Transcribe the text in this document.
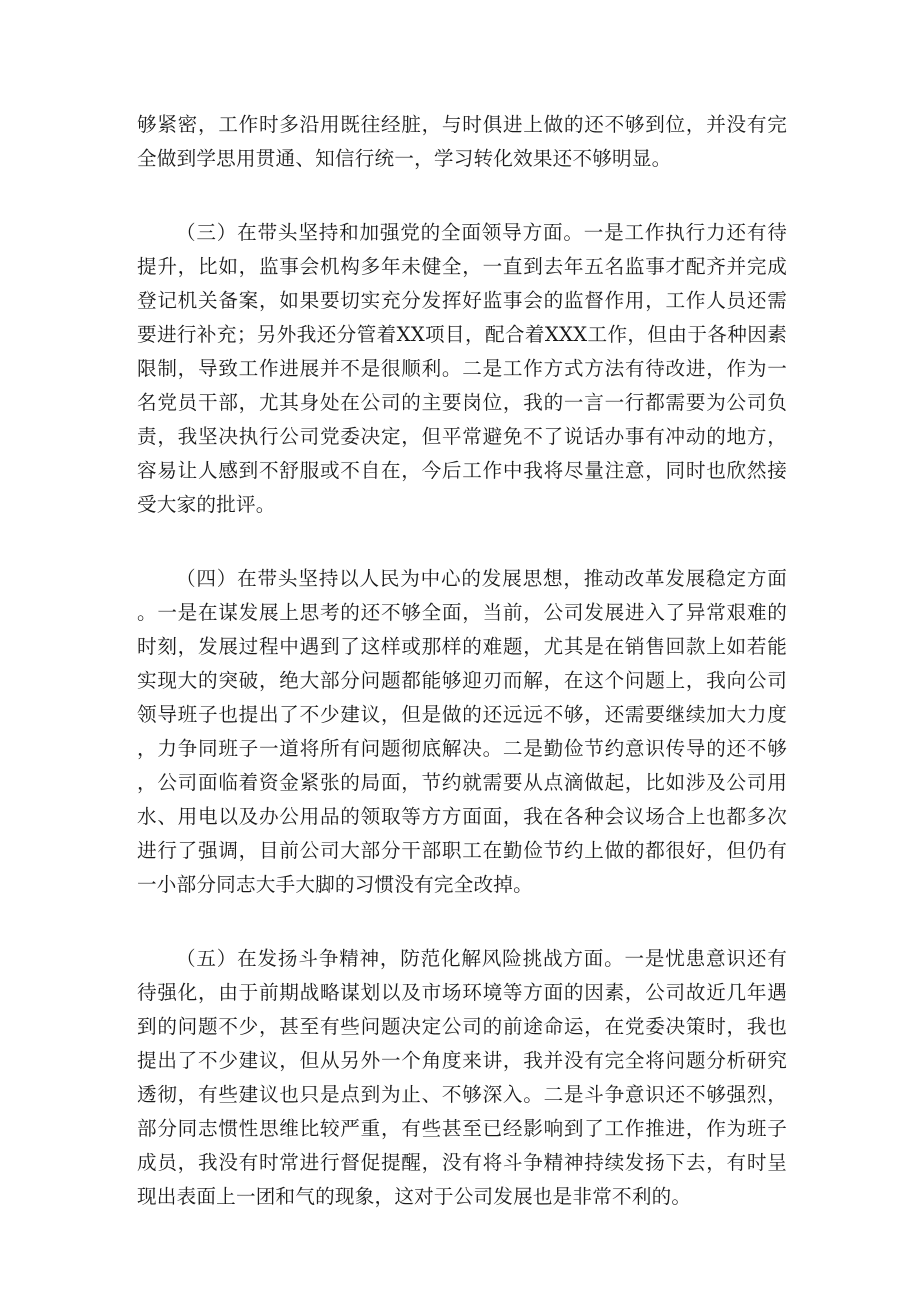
够紧密，工作时多沿用既往经脏，与时俱进上做的还不够到位，并没有完全做到学思用贯通、知信行统一，学习转化效果还不够明显。

（三）在带头坚持和加强党的全面领导方面。一是工作执行力还有待提升，比如，监事会机构多年未健全，一直到去年五名监事才配齐并完成登记机关备案，如果要切实充分发挥好监事会的监督作用，工作人员还需要进行补充；另外我还分管着XX项目，配合着XXX工作，但由于各种因素限制，导致工作进展并不是很顺利。二是工作方式方法有待改进，作为一名党员干部，尤其身处在公司的主要岗位，我的一言一行都需要为公司负责，我坚决执行公司党委决定，但平常避免不了说话办事有冲动的地方，容易让人感到不舒服或不自在，今后工作中我将尽量注意，同时也欣然接受大家的批评。

（四）在带头坚持以人民为中心的发展思想，推动改革发展稳定方面。一是在谋发展上思考的还不够全面，当前，公司发展进入了异常艰难的时刻，发展过程中遇到了这样或那样的难题，尤其是在销售回款上如若能实现大的突破，绝大部分问题都能够迎刃而解，在这个问题上，我向公司领导班子也提出了不少建议，但是做的还远远不够，还需要继续加大力度，力争同班子一道将所有问题彻底解决。二是勤俭节约意识传导的还不够，公司面临着资金紧张的局面，节约就需要从点滴做起，比如涉及公司用水、用电以及办公用品的领取等方方面面，我在各种会议场合上也都多次进行了强调，目前公司大部分干部职工在勤俭节约上做的都很好，但仍有一小部分同志大手大脚的习惯没有完全改掉。

（五）在发扬斗争精神，防范化解风险挑战方面。一是忧患意识还有待强化，由于前期战略谋划以及市场环境等方面的因素，公司故近几年遇到的问题不少，甚至有些问题决定公司的前途命运，在党委决策时，我也提出了不少建议，但从另外一个角度来讲，我并没有完全将问题分析研究透彻，有些建议也只是点到为止、不够深入。二是斗争意识还不够强烈，部分同志惯性思维比较严重，有些甚至已经影响到了工作推进，作为班子成员，我没有时常进行督促提醒，没有将斗争精神持续发扬下去，有时呈现出表面上一团和气的现象，这对于公司发展也是非常不利的。
